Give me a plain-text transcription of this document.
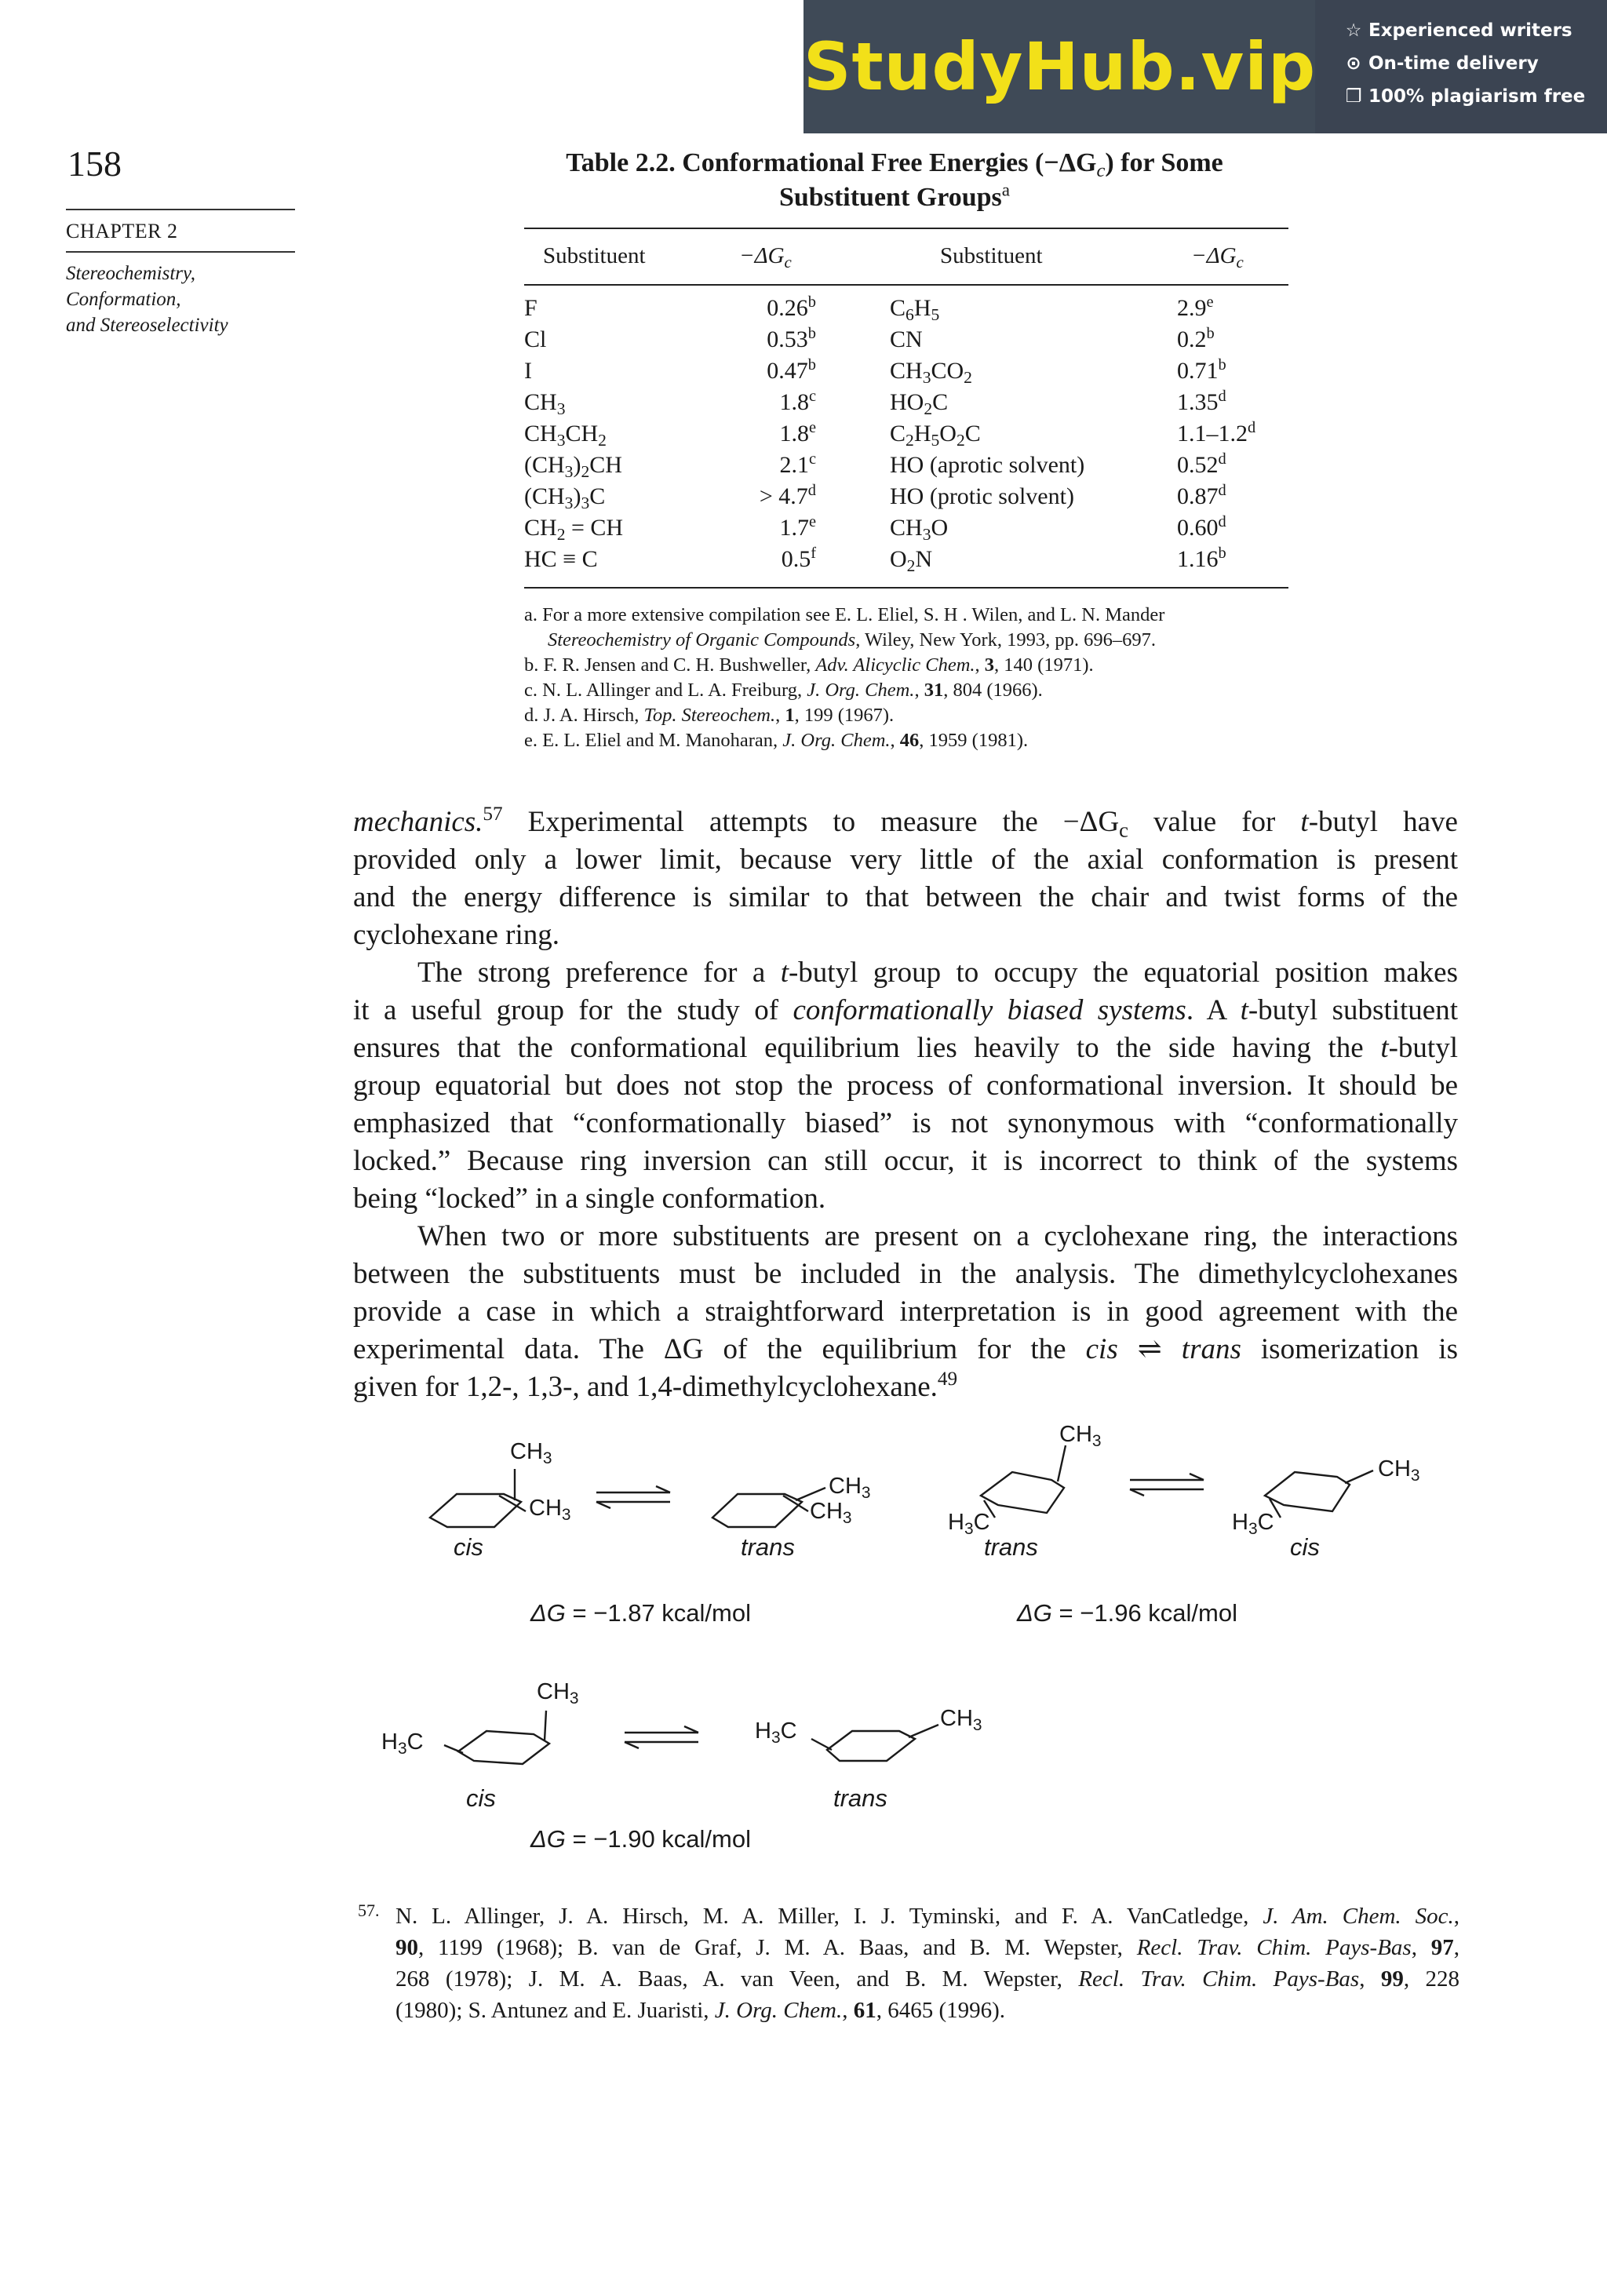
StudyHub.vip ☆ Experienced writers
⊙ On-time delivery
❐ 100% plagiarism free
158
CHAPTER 2
Stereochemistry,
Conformation,
and Stereoselectivity
Table 2.2. Conformational Free Energies $(-\Delta G_c)$ for Some
Substituent Groups$^a$
Substituent	$-\Delta G_c$	Substituent	$-\Delta G_c$
F	0.26$^b$	$C_6H_5$	2.9e
Cl	0.53$^b$	CN	0.2$^b$
I	0.47$^b$	$CH_3CO_2$	0.71$^b$
$CH_3$	1.8$^c$	$HO_2C$	1.35$^d$
$CH_3CH_2$	1.8e	$C_2H_5O_2C$	1.1–1.2$^d$
$(CH_3)_2CH$	2.1$^c$	HO (aprotic solvent)	0.52$^d$
$(CH_3)_3C$	> 4.7$^d$	HO (protic solvent)	0.87$^d$
$CH_2$ = CH	1.7e	$CH_3O$	0.60$^d$
HC ≡ C	0.5$^f$	$O_2N$	1.16$^b$
a. For a more extensive compilation see E. L. Eliel, S. H . Wilen, and L. N. Mander
Stereochemistry of Organic Compounds, Wiley, New York, 1993, pp. 696–697.
b. F. R. Jensen and C. H. Bushweller, Adv. Alicyclic Chem., 3, 140 (1971).
c. N. L. Allinger and L. A. Freiburg, J. Org. Chem., 31, 804 (1966).
d. J. A. Hirsch, Top. Stereochem., 1, 199 (1967).
e. E. L. Eliel and M. Manoharan, J. Org. Chem., 46, 1959 (1981).
mechanics.$^{57}$ Experimental attempts to measure the $-\Delta G_c$ value for t-butyl have
provided only a lower limit, because very little of the axial conformation is present
and the energy difference is similar to that between the chair and twist forms of the
cyclohexane ring.
The strong preference for a t-butyl group to occupy the equatorial position makes
it a useful group for the study of conformationally biased systems. A t-butyl substituent
ensures that the conformational equilibrium lies heavily to the side having the t-butyl
group equatorial but does not stop the process of conformational inversion. It should be
emphasized that “conformationally biased” is not synonymous with “conformationally
locked.” Because ring inversion can still occur, it is incorrect to think of the systems
being “locked” in a single conformation.
When two or more substituents are present on a cyclohexane ring, the interactions
between the substituents must be included in the analysis. The dimethylcyclohexanes
provide a case in which a straightforward interpretation is in good agreement with the
experimental data. The ΔG of the equilibrium for the cis ⇌ trans isomerization is
given for 1,2-, 1,3-, and 1,4-dimethylcyclohexane.$^{49}$
$CH_3$
$CH_3$
cis
$CH_3$
$CH_3$
trans
$CH_3$
$H_3C$
trans
$CH_3$
$H_3C$
cis
ΔG = −1.87 kcal/mol	ΔG = −1.96 kcal/mol
$CH_3$
$H_3C$
cis
$CH_3$
$H_3C$
trans
ΔG = −1.90 kcal/mol
57. N. L. Allinger, J. A. Hirsch, M. A. Miller, I. J. Tyminski, and F. A. VanCatledge, J. Am. Chem. Soc.,
90, 1199 (1968); B. van de Graf, J. M. A. Baas, and B. M. Wepster, Recl. Trav. Chim. Pays-Bas, 97,
268 (1978); J. M. A. Baas, A. van Veen, and B. M. Wepster, Recl. Trav. Chim. Pays-Bas, 99, 228
(1980); S. Antunez and E. Juaristi, J. Org. Chem., 61, 6465 (1996).
